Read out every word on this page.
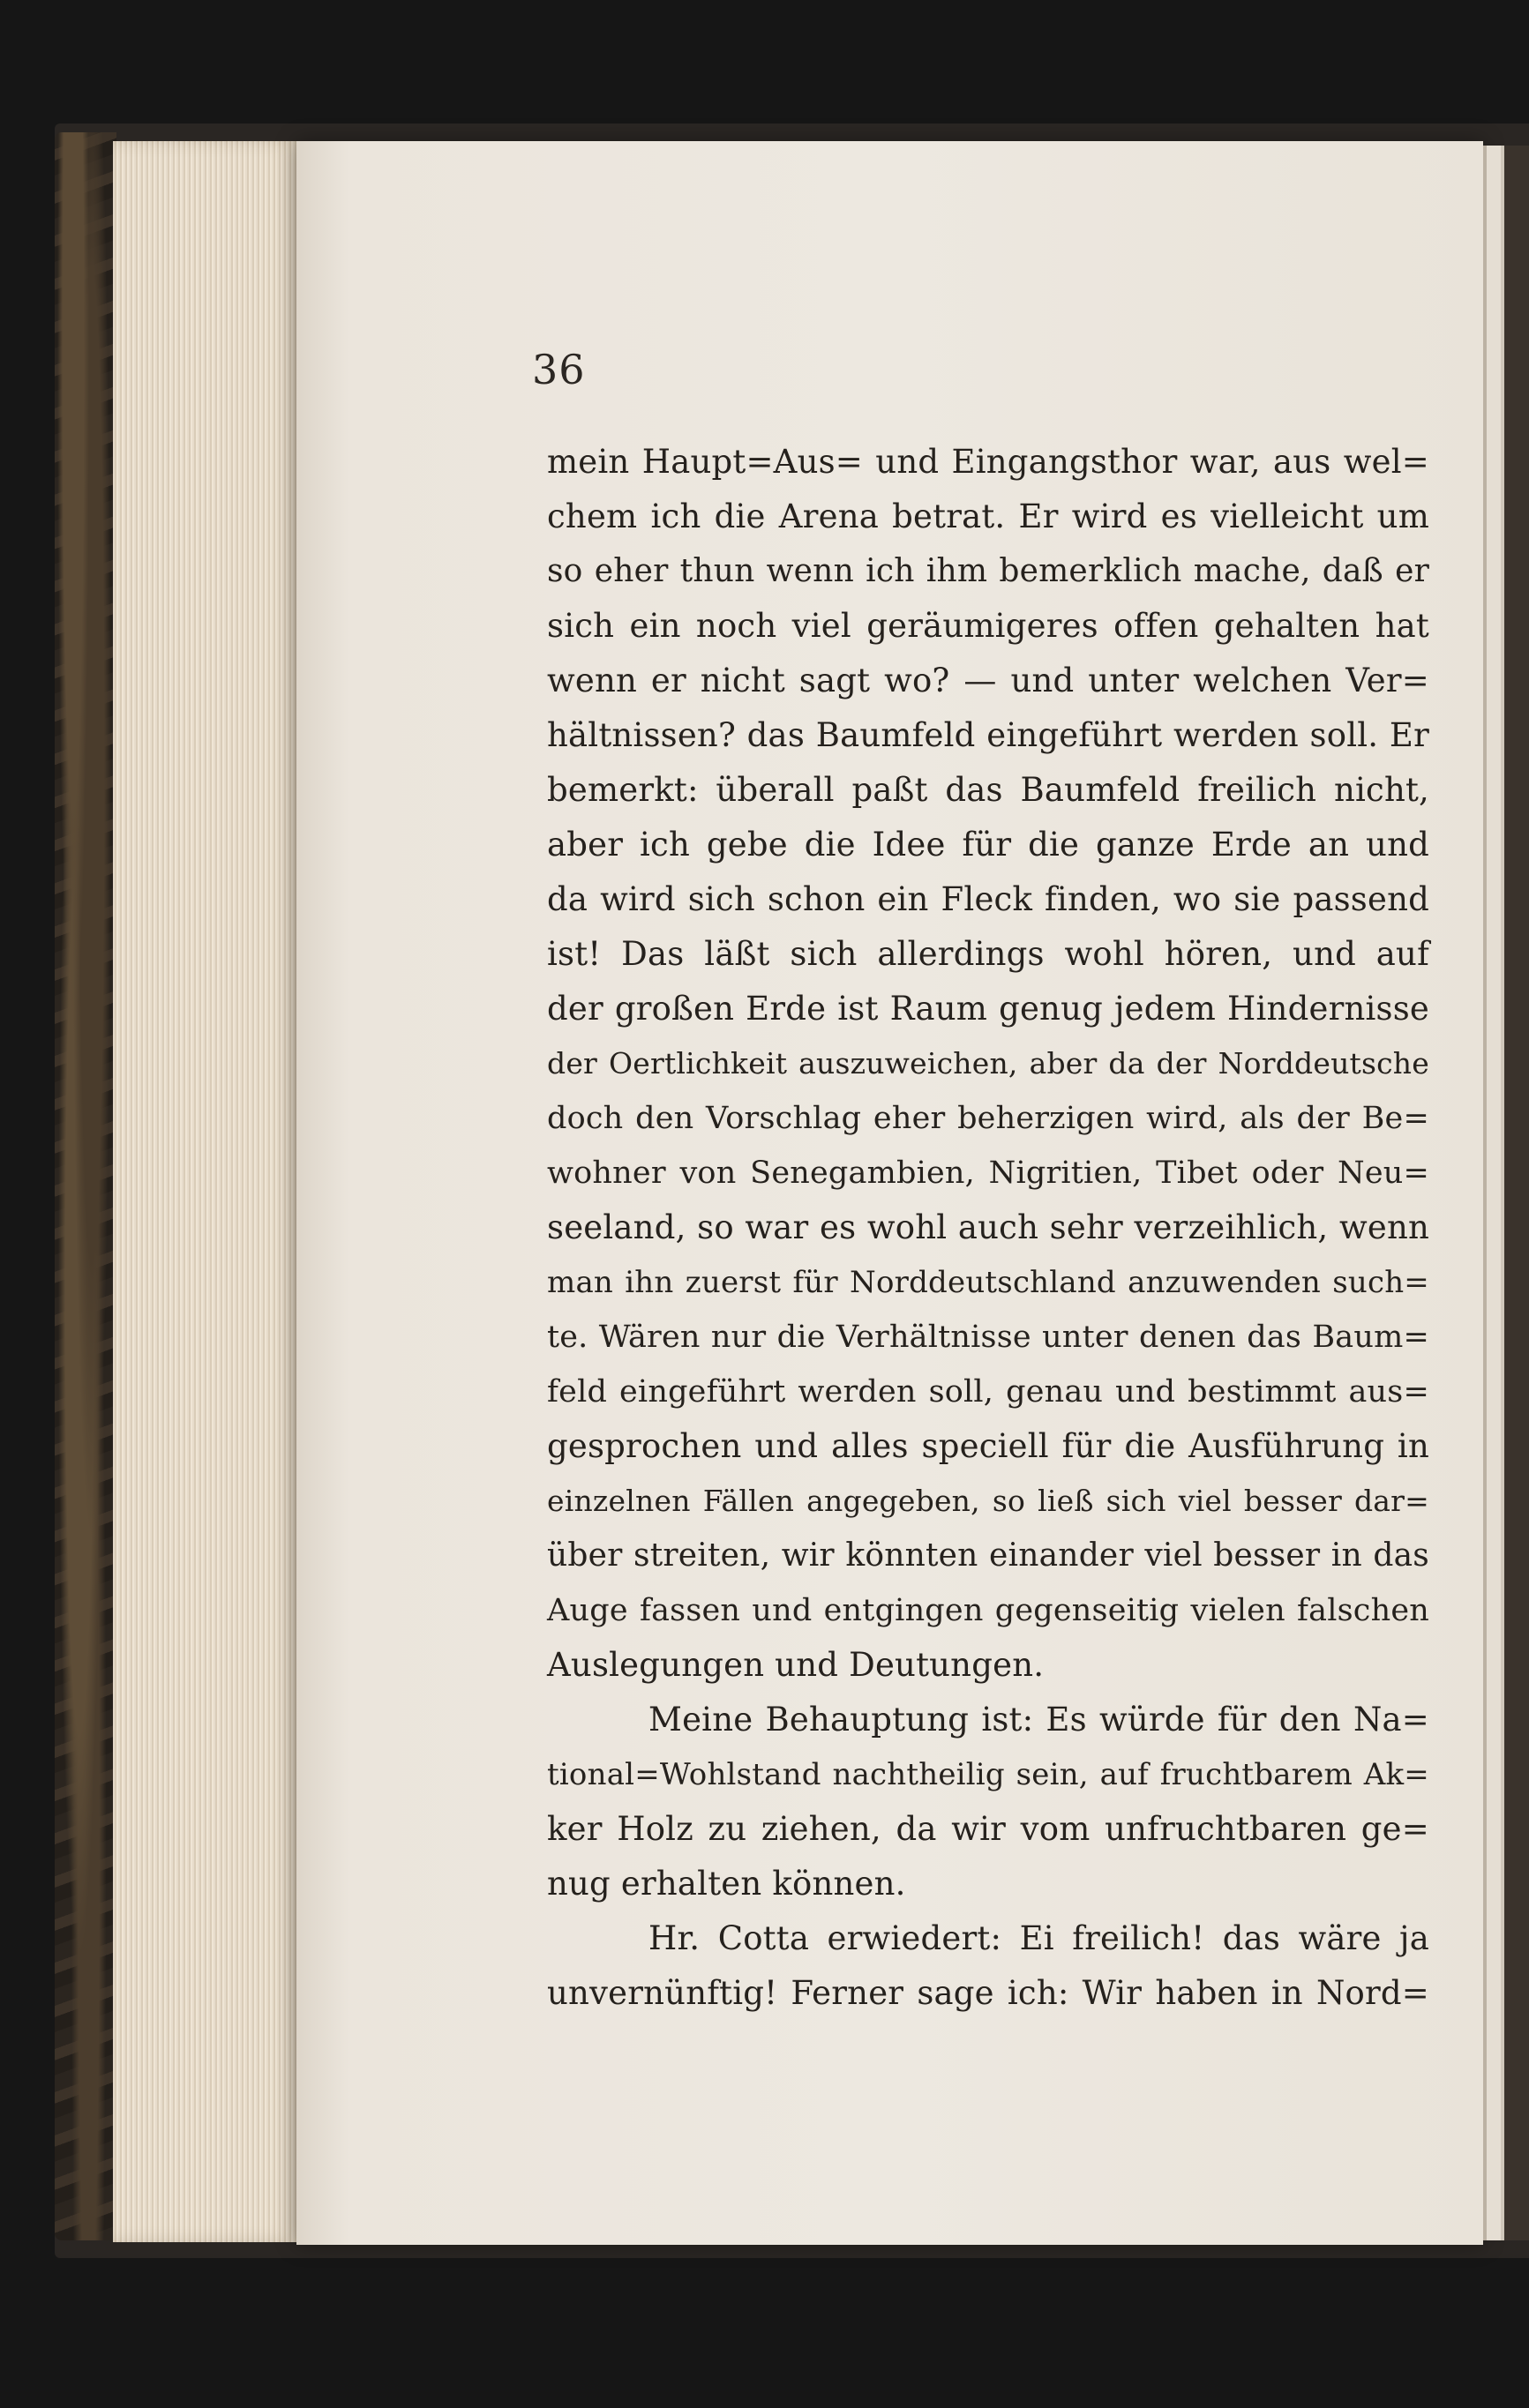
36

mein Haupt=Aus= und Eingangsthor war, aus wel=
chem ich die Arena betrat. Er wird es vielleicht um
so eher thun wenn ich ihm bemerklich mache, daß er
sich ein noch viel geräumigeres offen gehalten hat
wenn er nicht sagt wo? — und unter welchen Ver=
hältnissen? das Baumfeld eingeführt werden soll. Er
bemerkt: überall paßt das Baumfeld freilich nicht,
aber ich gebe die Idee für die ganze Erde an und
da wird sich schon ein Fleck finden, wo sie passend
ist! Das läßt sich allerdings wohl hören, und auf
der großen Erde ist Raum genug jedem Hindernisse
der Oertlichkeit auszuweichen, aber da der Norddeutsche
doch den Vorschlag eher beherzigen wird, als der Be=
wohner von Senegambien, Nigritien, Tibet oder Neu=
seeland, so war es wohl auch sehr verzeihlich, wenn
man ihn zuerst für Norddeutschland anzuwenden such=
te. Wären nur die Verhältnisse unter denen das Baum=
feld eingeführt werden soll, genau und bestimmt aus=
gesprochen und alles speciell für die Ausführung in
einzelnen Fällen angegeben, so ließ sich viel besser dar=
über streiten, wir könnten einander viel besser in das
Auge fassen und entgingen gegenseitig vielen falschen
Auslegungen und Deutungen.
Meine Behauptung ist: Es würde für den Na=
tional=Wohlstand nachtheilig sein, auf fruchtbarem Ak=
ker Holz zu ziehen, da wir vom unfruchtbaren ge=
nug erhalten können.
Hr. Cotta erwiedert: Ei freilich! das wäre ja
unvernünftig! Ferner sage ich: Wir haben in Nord=
